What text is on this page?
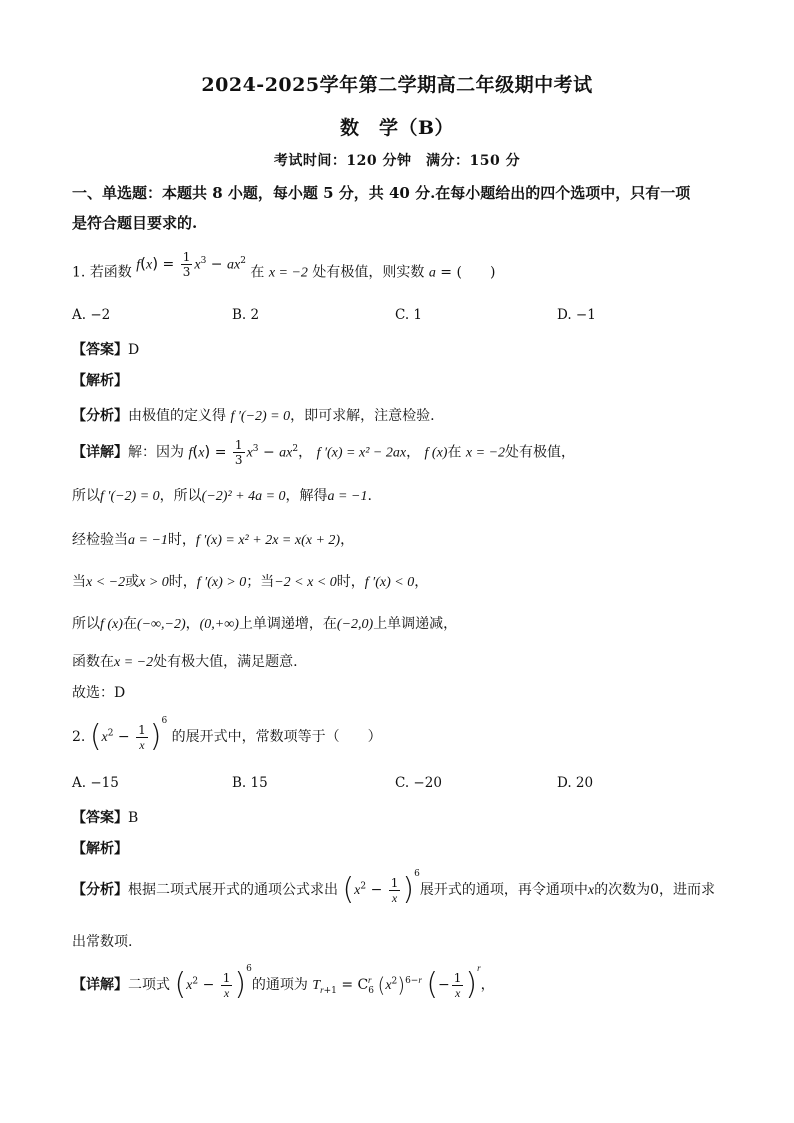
2024-2025学年第二学期高二年级期中考试
数　学（B）
考试时间：120 分钟　满分：150 分
一、单选题：本题共 8 小题，每小题 5 分，共 40 分.在每小题给出的四个选项中，只有一项
是符合题目要求的.
1. 若函数 $f(x) = \frac{1}{3} x^3 - ax^2$ 在 x = −2 处有极值，则实数 a = (　　)
A. −2	B. 2	C. 1	D. −1
【答案】D
【解析】
【分析】由极值的定义得 f ′(−2) = 0，即可求解，注意检验.
【详解】解：因为 $f(x) = \frac{1}{3} x^3 - ax^2$， f ′(x) = x² − 2ax， f (x)在 x = −2处有极值，
所以f ′(−2) = 0，所以(−2)² + 4a = 0，解得a = −1.
经检验当a = −1时，f ′(x) = x² + 2x = x(x + 2)，
当x < −2或x > 0时，f ′(x) > 0；当−2 < x < 0时，f ′(x) < 0，
所以f (x)在(−∞,−2)，(0,+∞)上单调递增，在(−2,0)上单调递减，
函数在x = −2处有极大值，满足题意.
故选：D
2. $(x^2 - \frac{1}{x} )^6$ 的展开式中，常数项等于（　　）
A. −15	B. 15	C. −20	D. 20
【答案】B
【解析】
【分析】根据二项式展开式的通项公式求出 $(x^2 - \frac{1}{x} )^6$展开式的通项，再令通项中x的次数为0，进而求
出常数项.
【详解】二项式 $(x^2 - \frac{1}{x} )^6$的通项为 $T_{r+1} = C_6^r$ $(x^2)^{6-r}$ (− $\frac{1}{x} )^r$，
